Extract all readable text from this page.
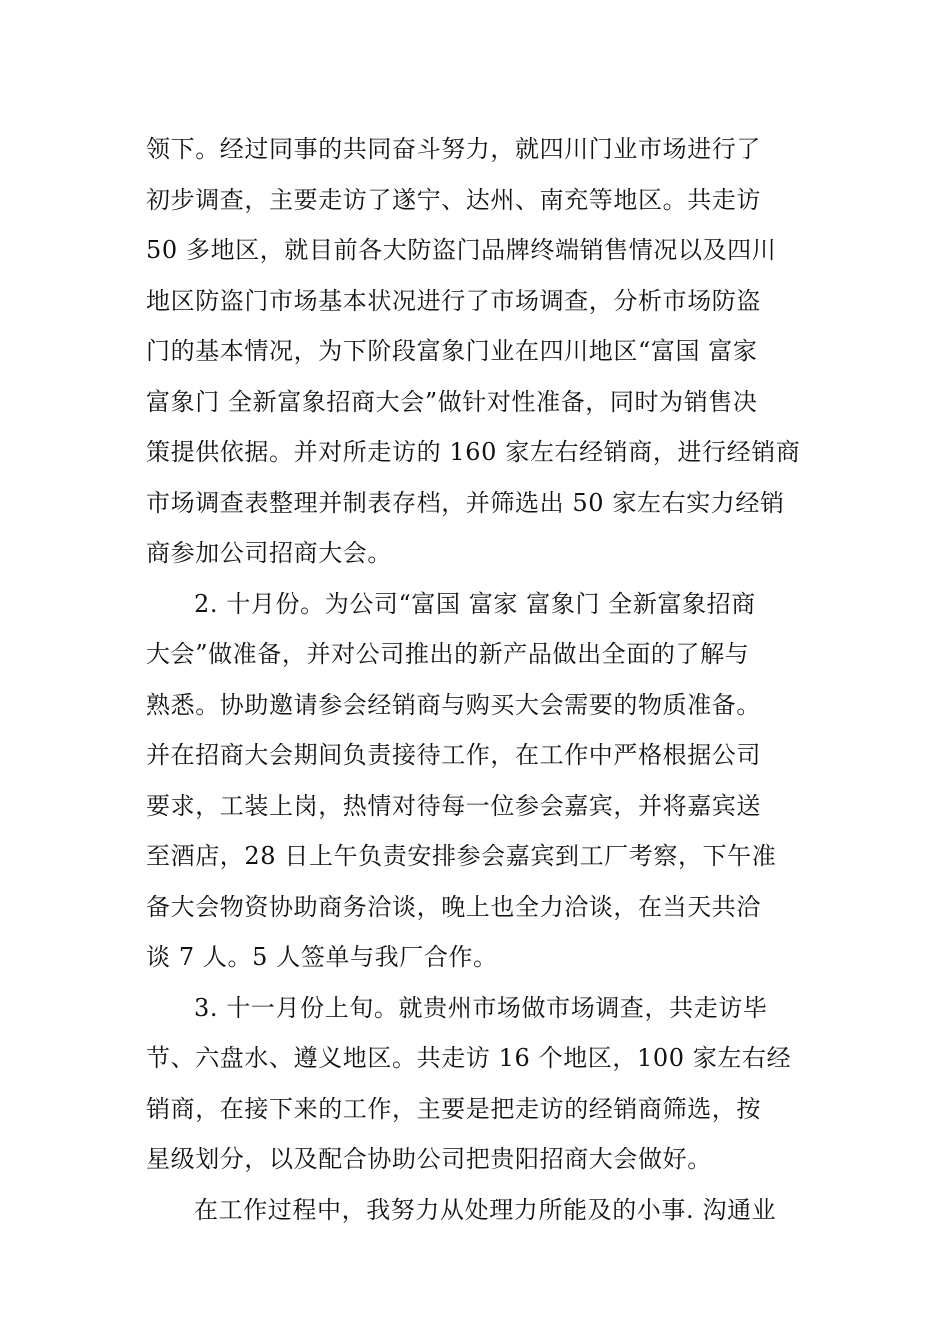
领下。经过同事的共同奋斗努力，就四川门业市场进行了
初步调查，主要走访了遂宁、达州、南充等地区。共走访
50 多地区，就目前各大防盗门品牌终端销售情况以及四川
地区防盗门市场基本状况进行了市场调查，分析市场防盗
门的基本情况，为下阶段富象门业在四川地区“富国 富家
富象门 全新富象招商大会”做针对性准备，同时为销售决
策提供依据。并对所走访的 160 家左右经销商，进行经销商
市场调查表整理并制表存档，并筛选出 50 家左右实力经销
商参加公司招商大会。
2. 十月份。为公司“富国 富家 富象门 全新富象招商
大会”做准备，并对公司推出的新产品做出全面的了解与
熟悉。协助邀请参会经销商与购买大会需要的物质准备。
并在招商大会期间负责接待工作，在工作中严格根据公司
要求，工装上岗，热情对待每一位参会嘉宾，并将嘉宾送
至酒店，28 日上午负责安排参会嘉宾到工厂考察，下午准
备大会物资协助商务洽谈，晚上也全力洽谈，在当天共洽
谈 7 人。5 人签单与我厂合作。
3. 十一月份上旬。就贵州市场做市场调查，共走访毕
节、六盘水、遵义地区。共走访 16 个地区，100 家左右经
销商，在接下来的工作，主要是把走访的经销商筛选，按
星级划分，以及配合协助公司把贵阳招商大会做好。
在工作过程中，我努力从处理力所能及的小事. 沟通业
